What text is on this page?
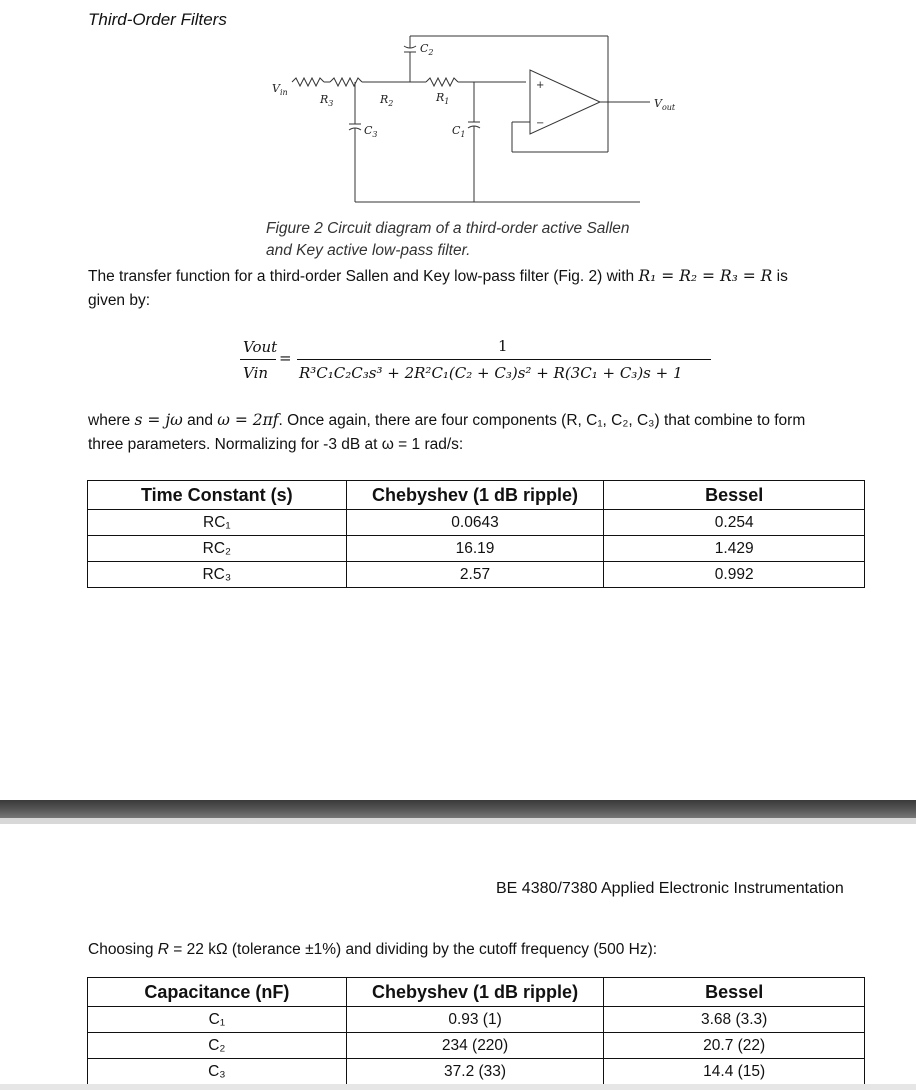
Third-Order Filters
$V_{in}$
$R_3$	$R_2$	$R_1$
$C_2$
$C_3$	$C_1$
+
−
$V_{out}$
Figure 2 Circuit diagram of a third-order active Sallen
and Key active low-pass filter.
The transfer function for a third-order Sallen and Key low-pass filter (Fig. 2) with R₁ = R₂ = R₃ = R is
given by:
Vout
Vin
=
1
R³C₁C₂C₃s³ + 2R²C₁(C₂ + C₃)s² + R(3C₁ + C₃)s + 1
where s = jω and ω = 2πf. Once again, there are four components (R, C₁, C₂, C₃) that combine to form
three parameters. Normalizing for -3 dB at ω = 1 rad/s:
Time Constant (s)	Chebyshev (1 dB ripple)	Bessel
RC₁	0.0643	0.254
RC₂	16.19	1.429
RC₃	2.57	0.992
BE 4380/7380 Applied Electronic Instrumentation
Choosing R = 22 kΩ (tolerance ±1%) and dividing by the cutoff frequency (500 Hz):
Capacitance (nF)	Chebyshev (1 dB ripple)	Bessel
C₁	0.93 (1)	3.68 (3.3)
C₂	234 (220)	20.7 (22)
C₃	37.2 (33)	14.4 (15)
